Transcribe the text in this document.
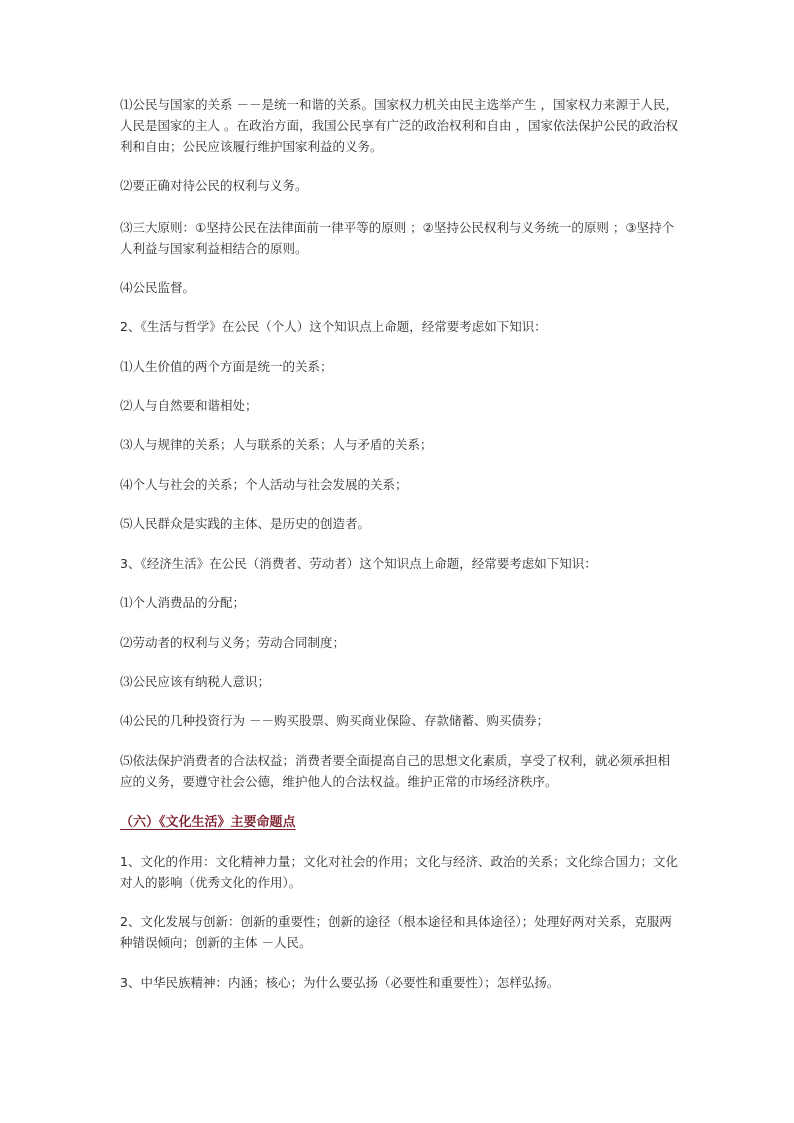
⑴公民与国家的关系 －－是统一和谐的关系。国家权力机关由民主选举产生 ，国家权力来源于人民，人民是国家的主人 。在政治方面，我国公民享有广泛的政治权利和自由 ，国家依法保护公民的政治权利和自由；公民应该履行维护国家利益的义务。

⑵要正确对待公民的权利与义务。

⑶三大原则：①坚持公民在法律面前一律平等的原则 ；②坚持公民权利与义务统一的原则 ；③坚持个人利益与国家利益相结合的原则。

⑷公民监督。

2、《生活与哲学》在公民（个人）这个知识点上命题，经常要考虑如下知识：

⑴人生价值的两个方面是统一的关系；

⑵人与自然要和谐相处；

⑶人与规律的关系；人与联系的关系；人与矛盾的关系；

⑷个人与社会的关系；个人活动与社会发展的关系；

⑸人民群众是实践的主体、是历史的创造者。

3、《经济生活》在公民（消费者、劳动者）这个知识点上命题，经常要考虑如下知识：

⑴个人消费品的分配；

⑵劳动者的权利与义务；劳动合同制度；

⑶公民应该有纳税人意识；

⑷公民的几种投资行为 －－购买股票、购买商业保险、存款储蓄、购买债券；

⑸依法保护消费者的合法权益；消费者要全面提高自己的思想文化素质，享受了权利，就必须承担相应的义务，要遵守社会公德，维护他人的合法权益。维护正常的市场经济秩序。

（六）《文化生活》主要命题点

1、文化的作用：文化精神力量；文化对社会的作用；文化与经济、政治的关系；文化综合国力；文化对人的影响（优秀文化的作用）。

2、文化发展与创新：创新的重要性；创新的途径（根本途径和具体途径）；处理好两对关系，克服两种错误倾向；创新的主体 －人民。

3、中华民族精神：内涵；核心；为什么要弘扬（必要性和重要性）；怎样弘扬。
